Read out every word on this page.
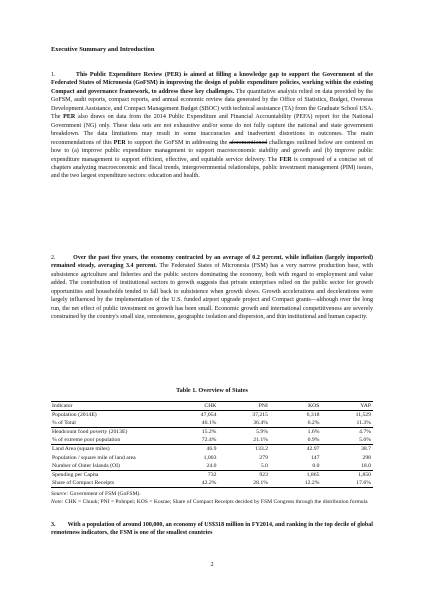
Executive Summary and Introduction

1.	This Public Expenditure Review (PER) is aimed at filling a knowledge gap to support the Government of the Federated States of Micronesia (GoFSM) in improving the design of public expenditure policies, working within the existing Compact and governance framework, to address these key challenges. The quantitative analysis relied on data provided by the GoFSM, audit reports, compact reports, and annual economic review data generated by the Office of Statistics, Budget, Overseas Development Assistance, and Compact Management Budget (SBOC) with technical assistance (TA) from the Graduate School USA. The PER also draws on data from the 2014 Public Expenditure and Financial Accountability (PEFA) report for the National Government (NG) only. These data sets are not exhaustive and/or some do not fully capture the national and state government breakdown. The data limitations may result in some inaccuracies and inadvertent distortions in outcomes. The main recommendations of this PER to support the GoFSM in addressing the aforementioned challenges outlined below are centered on how to (a) improve public expenditure management to support macroeconomic stability and growth and (b) improve public expenditure management to support efficient, effective, and equitable service delivery. The FER is composed of a concise set of chapters analyzing macroeconomic and fiscal trends, intergovernmental relationships, public investment management (PIM) issues, and the two largest expenditure sectors: education and health.

2.	Over the past five years, the economy contracted by an average of 0.2 percent, while inflation (largely imported) remained steady, averaging 3.4 percent. The Federated States of Micronesia (FSM) has a very narrow production base, with subsistence agriculture and fisheries and the public sectors dominating the economy, both with regard to employment and value added. The contribution of institutional sectors to growth suggests that private enterprises relied on the public sector for growth opportunities and households tended to fall back to subsistence when growth slows. Growth accelerations and decelerations were largely influenced by the implementation of the U.S. funded airport upgrade project and Compact grants—although over the long run, the net effect of public investment on growth has been small. Economic growth and international competitiveness are severely constrained by the country's small size, remoteness, geographic isolation and dispersion, and thin institutional and human capacity.

Table 1. Overview of States
Indicator	CHK	PNI	KOS	YAP
Population (2014E)	47,054	37,215	6,318	11,529
% of Total	46.1%	36.4%	6.2%	11.3%
Headcount food poverty (2013E)	15.2%	5.9%	1.6%	4.7%
% of extreme poor population	72.4%	21.1%	0.9%	5.6%
Land Area (square miles)	46.9	133.2	42.97	38.7
Population / square mile of land area	1,003	279	147	298
Number of Outer Islands (OI)	24.0	5.0	0.0	18.0
Spending per Capita	732	923	1,865	1,850
Share of Compact Receipts	42.2%	28.1%	12.2%	17.6%

Source: Government of FSM (GoFSM).

Note: CHK = Chuuk; PNI = Pohnpei; KOS = Kosrae; Share of Compact Receipts decided by FSM Congress through the distribution formula

3. With a population of around 100,000, an economy of US$318 million in FY2014, and ranking in the top decile of global remoteness indicators, the FSM is one of the smallest countries

2
